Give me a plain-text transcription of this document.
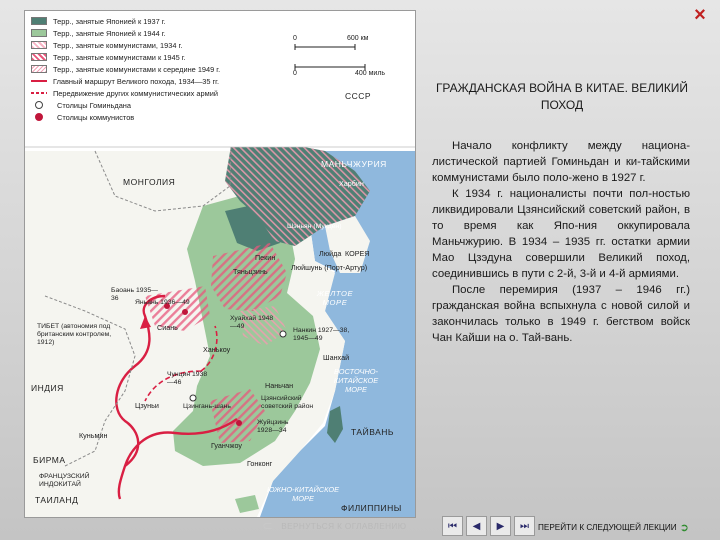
Терр., занятые Японией к 1937 г.
Терр., занятые Японией к 1944 г.
Терр., занятые коммунистами, 1934 г.
Терр., занятые коммунистами к 1945 г.
Терр., занятые коммунистами к середине 1949 г.
Главный маршрут Великого похода, 1934—35 гг.
Передвижение других коммунистических армий
Столицы Гоминьдана
Столицы коммунистов
0	600 км
0	400 миль
СССР
МОНГОЛИЯ
МАНЬЧЖУРИЯ
Харбин
Шэньян (Мукден)
Люйда КОРЕЯ
Люйшунь (Порт-Артур)
Пекин
Тяньцзинь
ЖЕЛТОЕ МОРЕ
Баоань 1935—36
Яньань 1936—49
Сиань
Хуайхай 1948—49
Нанкин 1927—38, 1945—49
Шанхай
Ханькоу
Чунцин 1938—46	Наньчан
Цзуньи	Цзингань-шань
Цзянсийский советский район
Жуйцзинь 1928—34
Гуанчжоу
Гонконг
Куньмин
ТИБЕТ (автономия под британским контролем, 1912)
ИНДИЯ
БИРМА
ФРАНЦУЗСКИЙ ИНДОКИТАЙ
ТАИЛАНД
ВОСТОЧНО-КИТАЙСКОЕ МОРЕ
ТАЙВАНЬ
ЮЖНО-КИТАЙСКОЕ МОРЕ
ФИЛИППИНЫ
×
ГРАЖДАНСКАЯ ВОЙНА В КИТАЕ. ВЕЛИКИЙ ПОХОД

Начало конфликту между национа-листической партией Гоминьдан и ки-тайскими коммунистами было поло-жено в 1927 г.

К 1934 г. националисты почти пол-ностью ликвидировали Цзянсийский советский район, в то время как Япо-ния оккупировала Маньчжурию. В 1934 – 1935 гг. остатки армии Мао Цзэдуна совершили Великий поход, соединившись в пути с 2-й, 3-й и 4-й армиями.

После перемирия (1937 – 1946 гг.) гражданская война вспыхнула с новой силой и закончилась только в 1949 г. бегством войск Чан Кайши на о. Тай-вань.

⊂ ВЕРНУТЬСЯ К ОГЛАВЛЕНИЮ	⏮ ◀ ▶ ⏭ ПЕРЕЙТИ К СЛЕДУЮЩЕЙ ЛЕКЦИИ ➲
